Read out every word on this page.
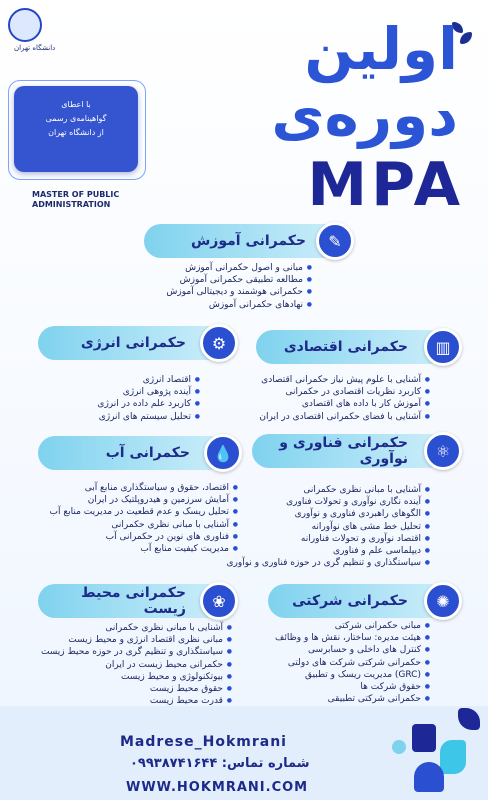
دانشگاه تهران	اولین
دوره‌ی
MPA
با اعطای
گواهینامه‌ی رسمی
از دانشگاه تهران
MASTER OF PUBLIC
ADMINISTRATION
✎
حکمرانی آموزش
● مبانی و اصول حکمرانی آموزش
● مطالعه تطبیقی حکمرانی آموزش
● حکمرانی هوشمند و دیجیتالی آموزش
● نهادهای حکمرانی آموزش
⚙
حکمرانی انرژی
● اقتصاد انرژی
● آینده پژوهی انرژی
● کاربرد علم داده در انرژی
● تحلیل سیستم های انرژی
▥
حکمرانی اقتصادی
● آشنایی با علوم پیش نیاز حکمرانی اقتصادی
● کاربرد نظریات اقتصادی در حکمرانی
● آموزش کار با داده های اقتصادی
● آشنایی با فضای حکمرانی اقتصادی در ایران
💧
حکمرانی آب
● اقتصاد، حقوق و سیاستگذاری منابع آبی
● آمایش سرزمین و هیدروپلتیک در ایران
● تحلیل ریسک و عدم قطعیت در مدیریت منابع آب
● آشنایی با مبانی نظری حکمرانی
● فناوری های نوین در حکمرانی آب
● مدیریت کیفیت منابع آب
⚛
حکمرانی فناوری و نوآوری
● آشنایی با مبانی نظری حکمرانی
● آینده نگاری نوآوری و تحولات فناوری
● الگوهای راهبردی فناوری و نوآوری
● تحلیل خط مشی های نوآورانه
● اقتصاد نوآوری و تحولات فناورانه
● دیپلماسی علم و فناوری
● سیاستگذاری و تنظیم گری در حوزه فناوری و نوآوری
❀
حکمرانی محیط زیست
● آشنایی با مبانی نظری حکمرانی
● مبانی نظری اقتصاد انرژی و محیط زیست
● سیاستگذاری و تنظیم گری در حوزه محیط زیست
● حکمرانی محیط زیست در ایران
● بیوتکنولوژی و محیط زیست
● حقوق محیط زیست
● قدرت محیط زیست
●
✺
حکمرانی شرکتی
● مبانی حکمرانی شرکتی
● هیئت مدیره: ساختار، نقش ها و وظائف
● کنترل های داخلی و حسابرسی
● حکمرانی شرکتی شرکت های دولتی
● (GRC) مدیریت ریسک و تطبیق
● حقوق شرکت ها
● حکمرانی شرکتی تطبیقی
Madrese_Hokmrani
شماره تماس: ۰۹۹۳۸۷۴۱۶۴۴
WWW.HOKMRANI.COM
